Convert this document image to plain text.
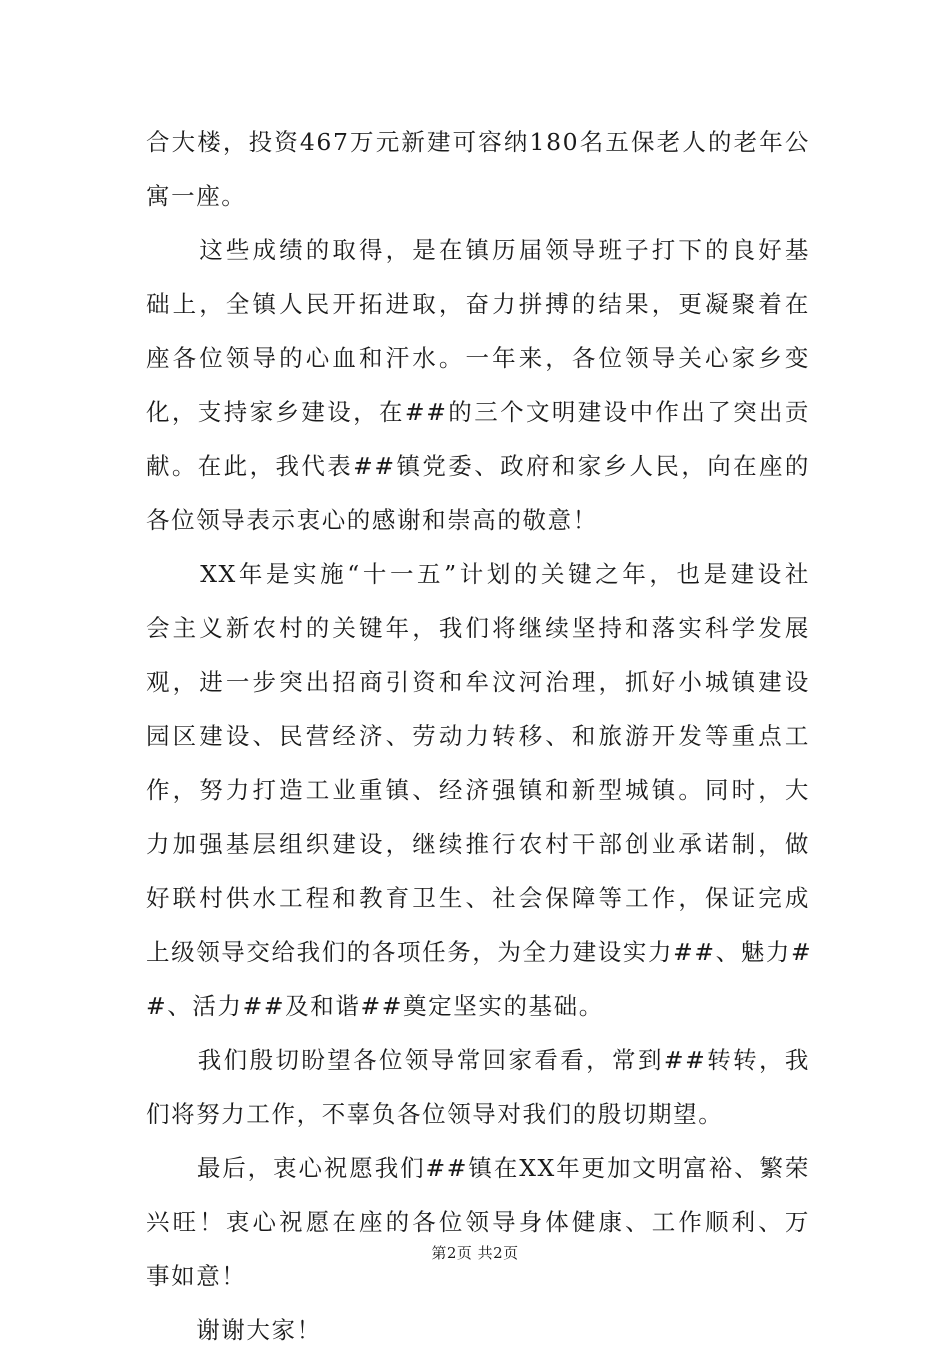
合大楼，投资467万元新建可容纳180名五保老人的老年公
寓一座。
　　这些成绩的取得，是在镇历届领导班子打下的良好基
础上，全镇人民开拓进取，奋力拼搏的结果，更凝聚着在
座各位领导的心血和汗水。一年来，各位领导关心家乡变
化，支持家乡建设，在##的三个文明建设中作出了突出贡
献。在此，我代表##镇党委、政府和家乡人民，向在座的
各位领导表示衷心的感谢和崇高的敬意！
　　XX年是实施“十一五”计划的关键之年，也是建设社
会主义新农村的关键年，我们将继续坚持和落实科学发展
观，进一步突出招商引资和牟汶河治理，抓好小城镇建设
园区建设、民营经济、劳动力转移、和旅游开发等重点工
作，努力打造工业重镇、经济强镇和新型城镇。同时，大
力加强基层组织建设，继续推行农村干部创业承诺制，做
好联村供水工程和教育卫生、社会保障等工作，保证完成
上级领导交给我们的各项任务，为全力建设实力##、魅力#
#、活力##及和谐##奠定坚实的基础。
　　我们殷切盼望各位领导常回家看看，常到##转转，我
们将努力工作，不辜负各位领导对我们的殷切期望。
　　最后，衷心祝愿我们##镇在XX年更加文明富裕、繁荣
兴旺！衷心祝愿在座的各位领导身体健康、工作顺利、万
事如意！
　　谢谢大家！
第2页 共2页
